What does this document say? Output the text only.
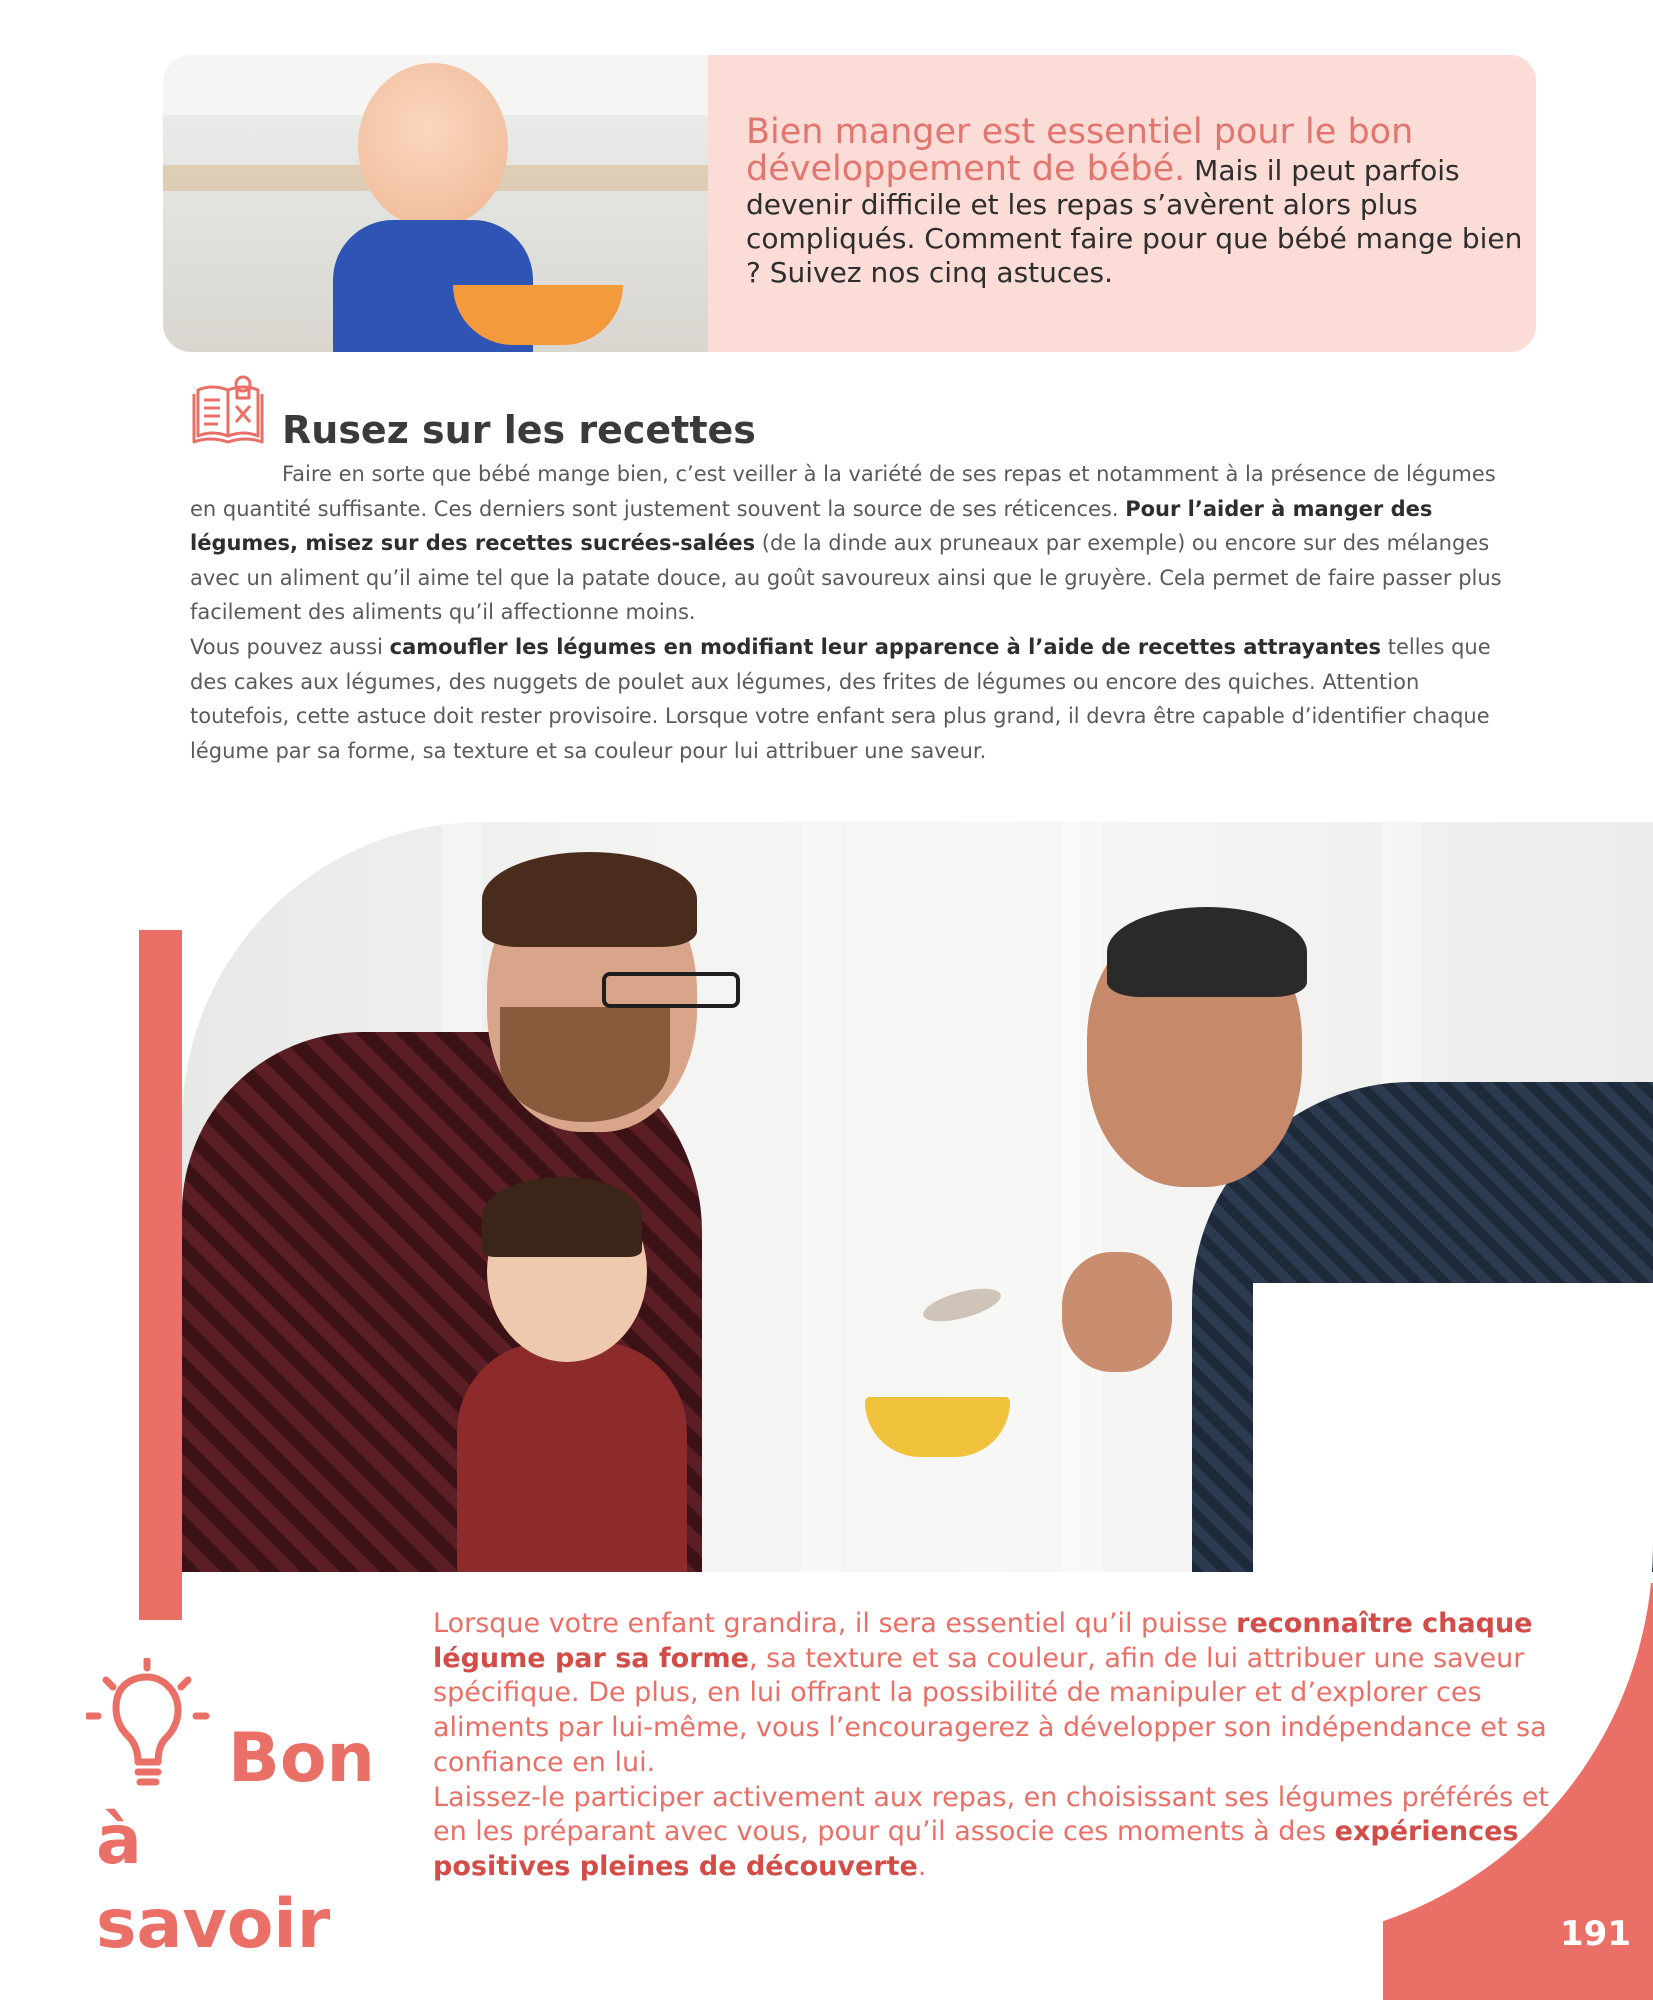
Bien manger est essentiel pour le bon développement de bébé. Mais il peut parfois devenir difficile et les repas s’avèrent alors plus compliqués. Comment faire pour que bébé mange bien ? Suivez nos cinq astuces.
Rusez sur les recettes

Faire en sorte que bébé mange bien, c’est veiller à la variété de ses repas et notamment à la présence de légumes en quantité suffisante. Ces derniers sont justement souvent la source de ses réticences. Pour l’aider à manger des légumes, misez sur des recettes sucrées-salées (de la dinde aux pruneaux par exemple) ou encore sur des mélanges avec un aliment qu’il aime tel que la patate douce, au goût savoureux ainsi que le gruyère. Cela permet de faire passer plus facilement des aliments qu’il affectionne moins.

Vous pouvez aussi camoufler les légumes en modifiant leur apparence à l’aide de recettes attrayantes telles que des cakes aux légumes, des nuggets de poulet aux légumes, des frites de légumes ou encore des quiches. Attention toutefois, cette astuce doit rester provisoire. Lorsque votre enfant sera plus grand, il devra être capable d’identifier chaque légume par sa forme, sa texture et sa couleur pour lui attribuer une saveur.

Bon
à savoir

Lorsque votre enfant grandira, il sera essentiel qu’il puisse reconnaître chaque légume par sa forme, sa texture et sa couleur, afin de lui attribuer une saveur spécifique. De plus, en lui offrant la possibilité de manipuler et d’explorer ces aliments par lui-même, vous l’encouragerez à développer son indépendance et sa confiance en lui.

Laissez-le participer activement aux repas, en choisissant ses légumes préférés et en les préparant avec vous, pour qu’il associe ces moments à des expériences positives pleines de découverte.

191
